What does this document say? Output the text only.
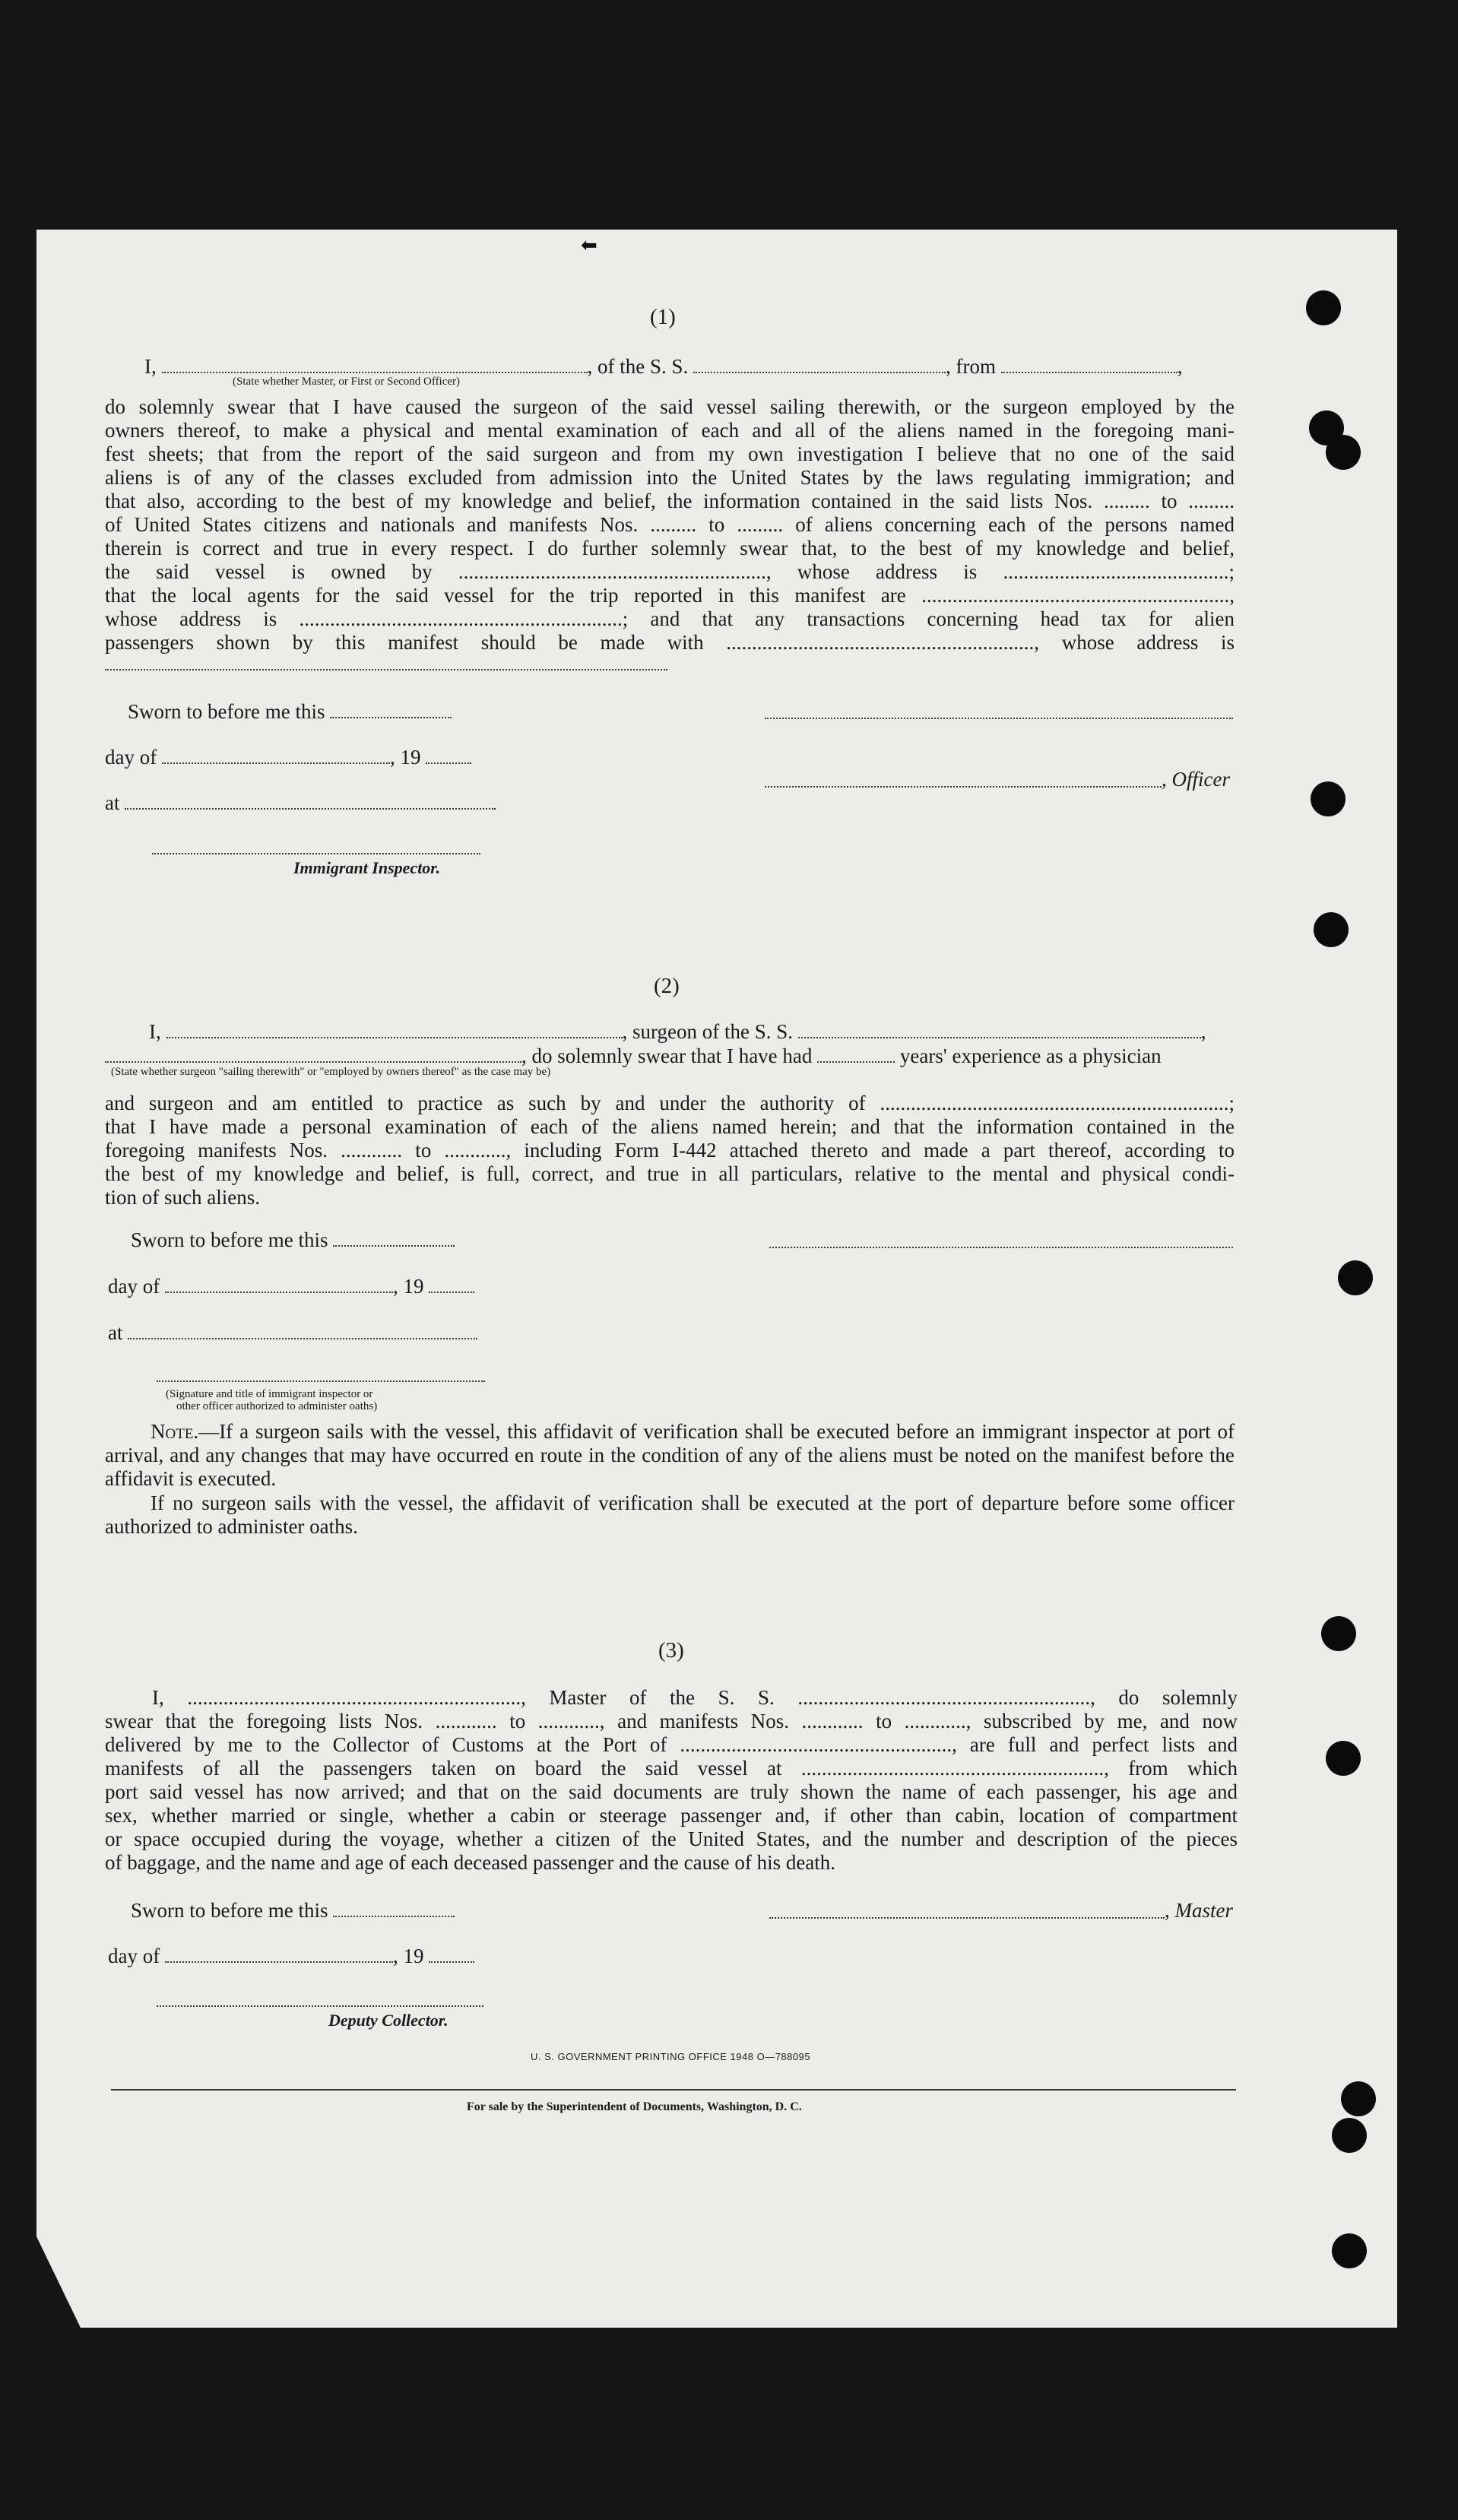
⬅
(1)
I,	, of the S. S.	, from	,
(State whether Master, or First or Second Officer)
do solemnly swear that I have caused the surgeon of the said vessel sailing therewith, or the surgeon employed by the
owners thereof, to make a physical and mental examination of each and all of the aliens named in the foregoing mani-
fest sheets; that from the report of the said surgeon and from my own investigation I believe that no one of the said
aliens is of any of the classes excluded from admission into the United States by the laws regulating immigration; and
that also, according to the best of my knowledge and belief, the information contained in the said lists Nos. ......... to .........
of United States citizens and nationals and manifests Nos. ......... to ......... of aliens concerning each of the persons named
therein is correct and true in every respect. I do further solemnly swear that, to the best of my knowledge and belief,
the said vessel is owned by ............................................................, whose address is ............................................;
that the local agents for the said vessel for the trip reported in this manifest are ............................................................,
whose address is ...............................................................; and that any transactions concerning head tax for alien
passengers shown by this manifest should be made with ............................................................, whose address is
Sworn to before me this
day of	, 19
, Officer
at
Immigrant Inspector.
(2)
I,	, surgeon of the S. S.	,
, do solemnly swear that I have had	years' experience as a physician
(State whether surgeon "sailing therewith" or "employed by owners thereof" as the case may be)
and surgeon and am entitled to practice as such by and under the authority of ....................................................................;
that I have made a personal examination of each of the aliens named herein; and that the information contained in the
foregoing manifests Nos. ............ to ............, including Form I-442 attached thereto and made a part thereof, according to
the best of my knowledge and belief, is full, correct, and true in all particulars, relative to the mental and physical condi-
tion of such aliens.
Sworn to before me this
day of	, 19
at
(Signature and title of immigrant inspector or
other officer authorized to administer oaths)
Note.—If a surgeon sails with the vessel, this affidavit of verification shall be executed before an immigrant inspector at port of arrival, and any changes that may have occurred en route in the condition of any of the aliens must be noted on the manifest before the affidavit is executed.
If no surgeon sails with the vessel, the affidavit of verification shall be executed at the port of departure before some officer authorized to administer oaths.
(3)
I, ................................................................., Master of the S. S. ........................................................., do solemnly
swear that the foregoing lists Nos. ............ to ............, and manifests Nos. ............ to ............, subscribed by me, and now
delivered by me to the Collector of Customs at the Port of ....................................................., are full and perfect lists and
manifests of all the passengers taken on board the said vessel at ..........................................................., from which
port said vessel has now arrived; and that on the said documents are truly shown the name of each passenger, his age and
sex, whether married or single, whether a cabin or steerage passenger and, if other than cabin, location of compartment
or space occupied during the voyage, whether a citizen of the United States, and the number and description of the pieces
of baggage, and the name and age of each deceased passenger and the cause of his death.
Sworn to before me this	, Master
day of	, 19
Deputy Collector.
U. S. GOVERNMENT PRINTING OFFICE 1948 O—788095
For sale by the Superintendent of Documents, Washington, D. C.
